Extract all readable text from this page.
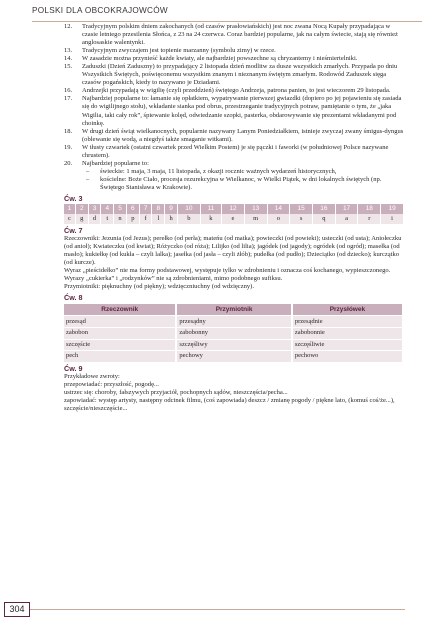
POLSKI DLA OBCOKRAJOWCÓW
12. Tradycyjnym polskim dniem zakochanych (od czasów prasłowiańskich) jest noc zwana Nocą Kupały przypadająca w czasie letniego przesilenia Słońca, z 23 na 24 czerwca. Coraz bardziej popularne, jak na całym świecie, stają się również anglosaskie walentynki.
13. Tradycyjnym zwyczajem jest topienie marzanny (symbolu zimy) w rzece.
14. W zasadzie można przynieść każde kwiaty, ale najbardziej powszechne są chryzantemy i nieśmiertelniki.
15. Zaduszki (Dzień Zaduszny) to przypadający 2 listopada dzień modlitw za dusze wszystkich zmarłych. Przypada po dniu Wszystkich Świętych, poświęconemu wszystkim znanym i nieznanym świętym zmarłym. Rodowód Zaduszek sięga czasów pogańskich, kiedy to nazywano je Dziadami.
16. Andrzejki przypadają w wigilię (czyli przeddzień) świętego Andrzeja, patrona panien, to jest wieczorem 29 listopada.
17. Najbardziej popularne to: łamanie się opłatkiem, wypatrywanie pierwszej gwiazdki (dopiero po jej pojawieniu się zasiada się do wigilijnego stołu), wkładanie sianka pod obrus, przestrzeganie tradycyjnych potraw, pamiętanie o tym, że „jaka Wigilia, taki cały rok”, śpiewanie kolęd, odwiedzanie szopki, pasterka, obdarowywanie się prezentami wkładanymi pod choinkę.
18. W drugi dzień świąt wielkanocnych, popularnie nazywany Lanym Poniedziałkiem, istnieje zwyczaj zwany śmigus-dyngus (oblewanie się wodą, a niegdyś także smaganie witkami).
19. W tłusty czwartek (ostatni czwartek przed Wielkim Postem) je się pączki i faworki (w południowej Polsce nazywane chrustem).
20. Najbardziej popularne to:
– świeckie: 1 maja, 3 maja, 11 listopada, z okazji rocznic ważnych wydarzeń historycznych,
– kościelne: Boże Ciało, procesja rezurekcyjna w Wielkanoc, w Wielki Piątek, w dni lokalnych świętych (np. Świętego Stanisława w Krakowie).
Ćw. 3
1	2	3	4	5	6	7	8	9	10	11	12	13	14	15	16	17	18	19
c	g	d	t	n	p	f	l	h	b	k	e	m	o	s	q	a	r	i
Ćw. 7

Rzeczowniki: Jezunia (od Jezus); perełko (od perła); mateńu (od matka); powieczki (od powieki); usteczki (od usta); Aniołeczku (od anioł); Kwiateczku (od kwiat); Różyczko (od róża); Lilijko (od lilia); jagódek (od jagody); ogródek (od ogród); masełka (od masło); kukiełkę (od kukła – czyli lalka); jasełka (od jasła – czyli żłób); pudełka (od pudło); Dzieciątko (od dziecko); kurczątko (od kurcze).

Wyraz „pieścidełko” nie ma formy podstawowej, występuje tylko w zdrobnieniu i oznacza coś kochanego, wypieszczonego.

Wyrazy „cukierka” i „rodzynków” nie są zdrobnieniami, mimo podobnego sufiksu.

Przymiotniki: pięknuchny (od piękny); wdzięczniuchny (od wdzięczny).

Ćw. 8
Rzeczownik	Przymiotnik	Przysłówek
przesąd	przesądny	przesądnie
zabobon	zabobonny	zabobonnie
szczęście	szczęśliwy	szczęśliwie
pech	pechowy	pechowo
Ćw. 9

Przykładowe zwroty:

przepowiadać: przyszłość, pogodę...

ustrzec się: choroby, fałszywych przyjaciół, pochopnych sądów, nieszczęścia/pecha...

zapowiadać: występ artysty, następny odcinek filmu, (coś zapowiada) deszcz / zmianę pogody / piękne lato, (komuś coś/że...), szczęście/nieszczęście...

304
